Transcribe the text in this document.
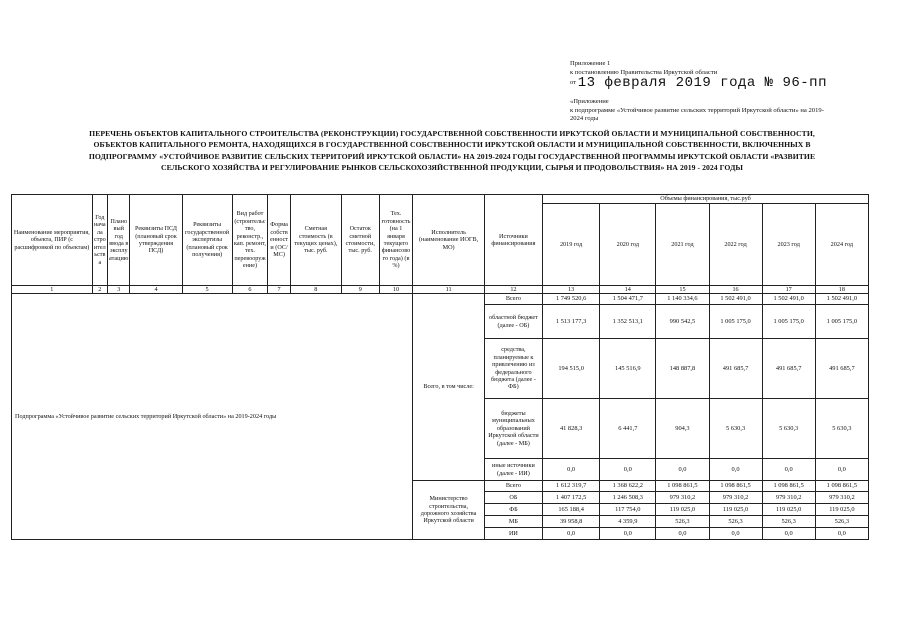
Приложение 1
к постановлению Правительства Иркутской области
от 13 февраля 2019 года № 96-пп
«Приложение
к подпрограмме «Устойчивое развитие сельских территорий Иркутской области» на 2019-
2024 годы
ПЕРЕЧЕНЬ ОБЪЕКТОВ КАПИТАЛЬНОГО СТРОИТЕЛЬСТВА (РЕКОНСТРУКЦИИ) ГОСУДАРСТВЕННОЙ СОБСТВЕННОСТИ ИРКУТСКОЙ ОБЛАСТИ И МУНИЦИПАЛЬНОЙ СОБСТВЕННОСТИ,
ОБЪЕКТОВ КАПИТАЛЬНОГО РЕМОНТА, НАХОДЯЩИХСЯ В ГОСУДАРСТВЕННОЙ СОБСТВЕННОСТИ ИРКУТСКОЙ ОБЛАСТИ И МУНИЦИПАЛЬНОЙ СОБСТВЕННОСТИ, ВКЛЮЧЕННЫХ В
ПОДПРОГРАММУ «УСТОЙЧИВОЕ РАЗВИТИЕ СЕЛЬСКИХ ТЕРРИТОРИЙ ИРКУТСКОЙ ОБЛАСТИ» НА 2019-2024 ГОДЫ ГОСУДАРСТВЕННОЙ ПРОГРАММЫ ИРКУТСКОЙ ОБЛАСТИ «РАЗВИТИЕ
СЕЛЬСКОГО ХОЗЯЙСТВА И РЕГУЛИРОВАНИЕ РЫНКОВ СЕЛЬСКОХОЗЯЙСТВЕННОЙ ПРОДУКЦИИ, СЫРЬЯ И ПРОДОВОЛЬСТВИЯ» НА 2019 - 2024 ГОДЫ
Наименование мероприятия, объекта, ПИР (с расшифровкой по объектам)	Год начала строительства	Плановый год ввода в эксплуатацию	Реквизиты ПСД (плановый срок утверждения ПСД)	Реквизиты государственной экспертизы (плановый срок получения)	Вид работ (строительство, реконстр., кап. ремонт, тех. перевооружение)	Форма собственности (ОС/МС)	Сметная стоимость (в текущих ценах), тыс. руб.	Остаток сметной стоимости, тыс. руб.	Тех. готовность (на 1 января текущего финансового года) (в %)	Исполнитель (наименование ИОГВ, МО)	Источники финансирования	Объемы финансирования, тыс.руб					
												2019 год	2020 год	2021 год	2022 год	2023 год	2024 год
1	2	3	4	5	6	7	8	9	10	11	12	13	14	15	16	17	18
Подпрограмма «Устойчивое развитие сельских территорий Иркутской области» на 2019-2024 годы										Всего, в том числе:	Всего	1 749 520,6	1 504 471,7	1 140 334,6	1 502 491,0	1 502 491,0	1 502 491,0
											областной бюджет (далее - ОБ)	1 513 177,3	1 352 513,1	990 542,5	1 005 175,0	1 005 175,0	1 005 175,0
											средства, планируемые к привлечению из федерального бюджета (далее - ФБ)	194 515,0	145 516,9	148 887,8	491 685,7	491 685,7	491 685,7
											бюджеты муниципальных образований Иркутской области (далее - МБ)	41 828,3	6 441,7	904,3	5 630,3	5 630,3	5 630,3
											иные источники (далее - ИИ)	0,0	0,0	0,0	0,0	0,0	0,0
										Министерство строительства, дорожного хозяйства Иркутской области	Всего	1 612 319,7	1 368 622,2	1 098 861,5	1 098 861,5	1 098 861,5	1 098 861,5
											ОБ	1 407 172,5	1 246 508,3	979 310,2	979 310,2	979 310,2	979 310,2
											ФБ	165 188,4	117 754,0	119 025,0	119 025,0	119 025,0	119 025,0
											МБ	39 958,8	4 359,9	526,3	526,3	526,3	526,3
											ИИ	0,0	0,0	0,0	0,0	0,0	0,0
